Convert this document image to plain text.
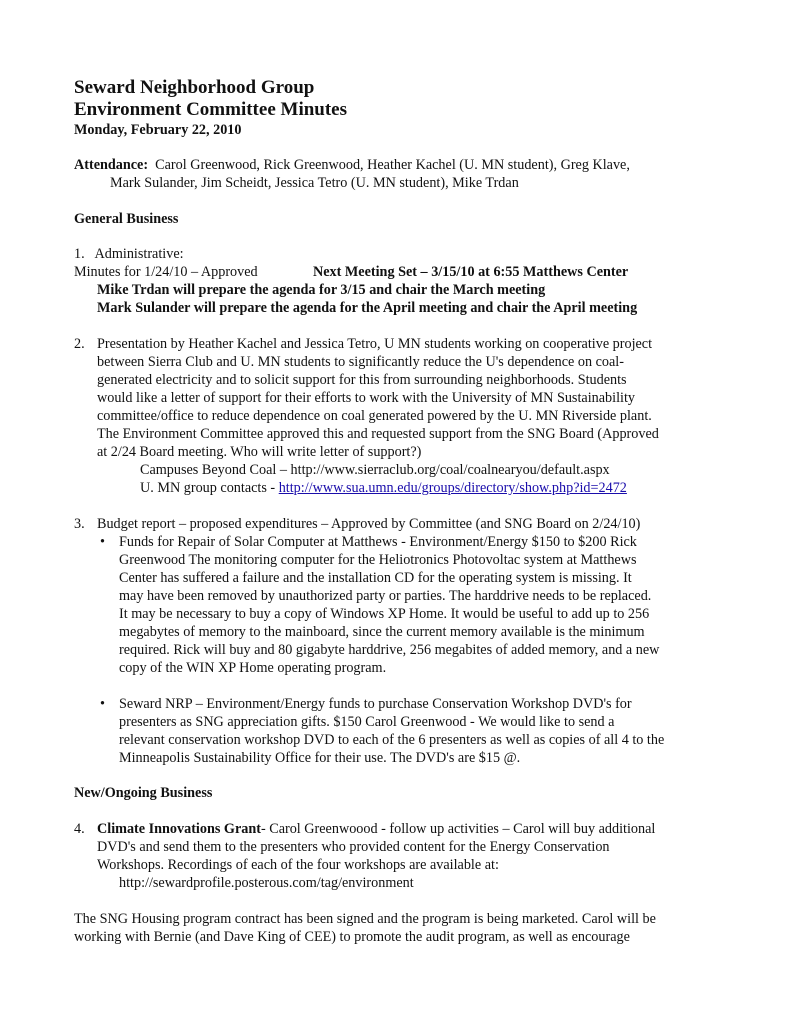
Seward Neighborhood Group
Environment Committee Minutes
Monday, February 22, 2010
Attendance: Carol Greenwood, Rick Greenwood, Heather Kachel (U. MN student), Greg Klave,
Mark Sulander, Jim Scheidt, Jessica Tetro (U. MN student), Mike Trdan
General Business
1. Administrative:
Minutes for 1/24/10 – Approved	Next Meeting Set – 3/15/10 at 6:55 Matthews Center
Mike Trdan will prepare the agenda for 3/15 and chair the March meeting
Mark Sulander will prepare the agenda for the April meeting and chair the April meeting
2. Presentation by Heather Kachel and Jessica Tetro, U MN students working on cooperative project
between Sierra Club and U. MN students to significantly reduce the U's dependence on coal-
generated electricity and to solicit support for this from surrounding neighborhoods. Students
would like a letter of support for their efforts to work with the University of MN Sustainability
committee/office to reduce dependence on coal generated powered by the U. MN Riverside plant.
The Environment Committee approved this and requested support from the SNG Board (Approved
at 2/24 Board meeting. Who will write letter of support?)
Campuses Beyond Coal – http://www.sierraclub.org/coal/coalnearyou/default.aspx
U. MN group contacts - http://www.sua.umn.edu/groups/directory/show.php?id=2472
3. Budget report – proposed expenditures – Approved by Committee (and SNG Board on 2/24/10)
• Funds for Repair of Solar Computer at Matthews - Environment/Energy $150 to $200 Rick
Greenwood The monitoring computer for the Heliotronics Photovoltac system at Matthews
Center has suffered a failure and the installation CD for the operating system is missing. It
may have been removed by unauthorized party or parties. The harddrive needs to be replaced.
It may be necessary to buy a copy of Windows XP Home. It would be useful to add up to 256
megabytes of memory to the mainboard, since the current memory available is the minimum
required. Rick will buy and 80 gigabyte harddrive, 256 megabites of added memory, and a new
copy of the WIN XP Home operating program.
• Seward NRP – Environment/Energy funds to purchase Conservation Workshop DVD's for
presenters as SNG appreciation gifts. $150 Carol Greenwood - We would like to send a
relevant conservation workshop DVD to each of the 6 presenters as well as copies of all 4 to the
Minneapolis Sustainability Office for their use. The DVD's are $15 @.
New/Ongoing Business
4. Climate Innovations Grant- Carol Greenwoood - follow up activities – Carol will buy additional
DVD's and send them to the presenters who provided content for the Energy Conservation
Workshops. Recordings of each of the four workshops are available at:
http://sewardprofile.posterous.com/tag/environment
The SNG Housing program contract has been signed and the program is being marketed. Carol will be
working with Bernie (and Dave King of CEE) to promote the audit program, as well as encourage
